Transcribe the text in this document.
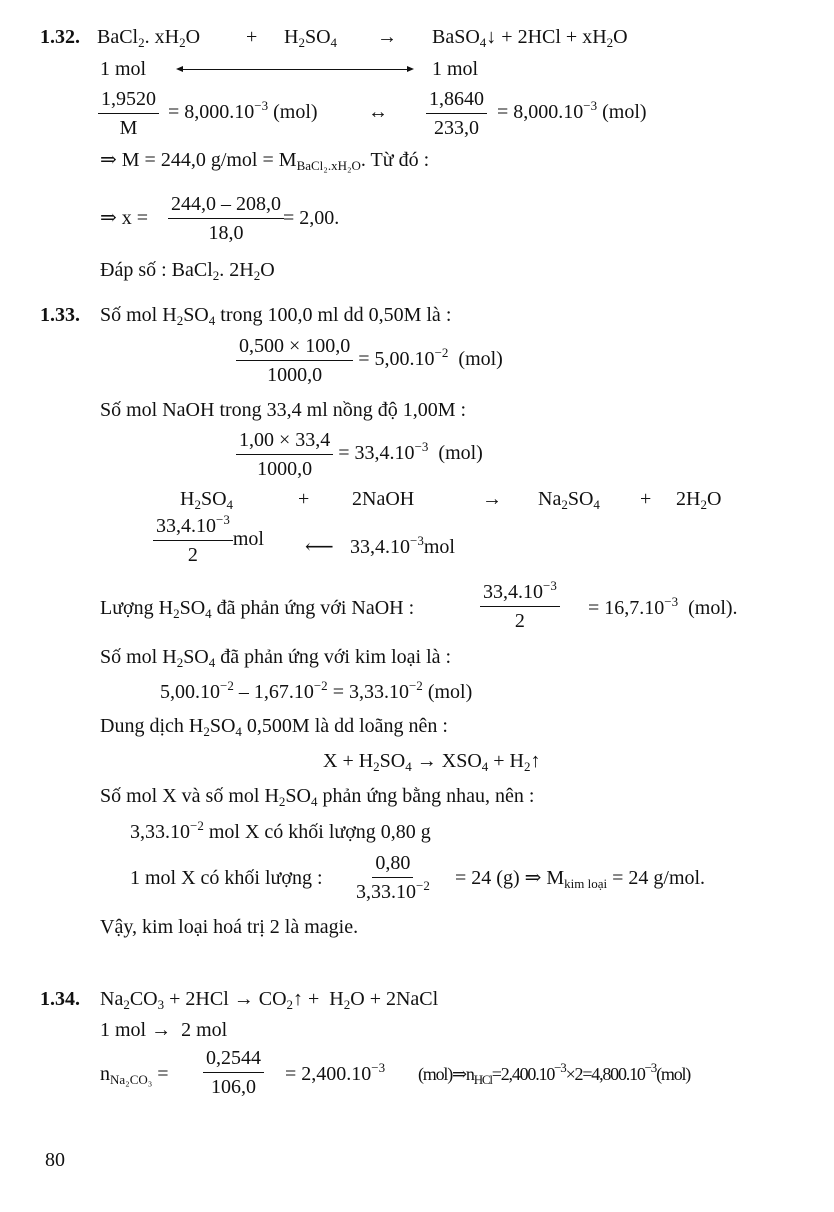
1.32. BaCl$_2$. $xH_2O + H_2SO_4$ → BaSO$_4$↓ + $2HCl + xH_2O$
1 mol	1 mol
$\frac{1,9520}{M} = 8,000.10^{-3}$ (mol)	↔ $\frac{1,8640}{233,0} = 8,000.10^{-3}$ (mol)
⇒ M = 244,0 $g/mol = M_{BaCl_2.xH_2O}$. Từ đó :
⇒ $x = \frac{244,0 - 208,0}{18,0} = 2,00$.
Đáp số : BaCl$_2$. $2H_2O$
1.33. Số mol $H_2SO_4$ trong 100,0 ml dd 0,50M là :
$\frac{0,500 \times 100,0}{1000,0} = 5,00.10^{-2}$  (mol)
Số mol NaOH trong 33,4 ml nồng độ 1,00M :
$\frac{1,00 \times 33,4}{1000,0} = 33,4.10^{-3}$  (mol)
$H_2SO_4$	+ 2NaOH	→ $Na_2SO_4 + 2H_2O$
$\frac{33,4.10^{-3}}{2}$ mol ⟵ $33,4.10^{-3}mol$
Lượng $H_2SO_4$ đã phản ứng với NaOH :	$\frac{33,4.10^{-3}}{2} = 16,7.10^{-3}$  (mol).
Số mol $H_2SO_4$ đã phản ứng với kim loại là :
$5,00.10^{-2} - 1,67.10^{-2} = 3,33.10^{-2}$ (mol)
Dung dịch $H_2SO_4$ 0,500M là dd loãng nên :
$X + H_2SO_4 \to XSO_4$ + $H_2↑$
Số mol X và số mol $H_2SO_4$ phản ứng bằng nhau, nên :
$3,33.10^{-2}$ mol X có khối lượng 0,80 g
1 mol X có khối lượng : $\frac{0,80}{3,33.10^{-2}} = 24$ (g) ⇒ $M_{kim loại} = 24$ g/mol.
Vậy, kim loại hoá trị 2 là magie.
1.34. $Na_2CO_3 + 2HCl$ → $CO_2↑ + H_2O$ + 2NaCl
1 mol →  2 mol
$n_{Na_2CO_3} = \frac{0,2544}{106,0} = 2,400.10^{-3}$	$(mol)\Rightarrow n_{HCl}=2,400.10^{-3}\times 2=4,800.10^{-3}(mol)$
80
